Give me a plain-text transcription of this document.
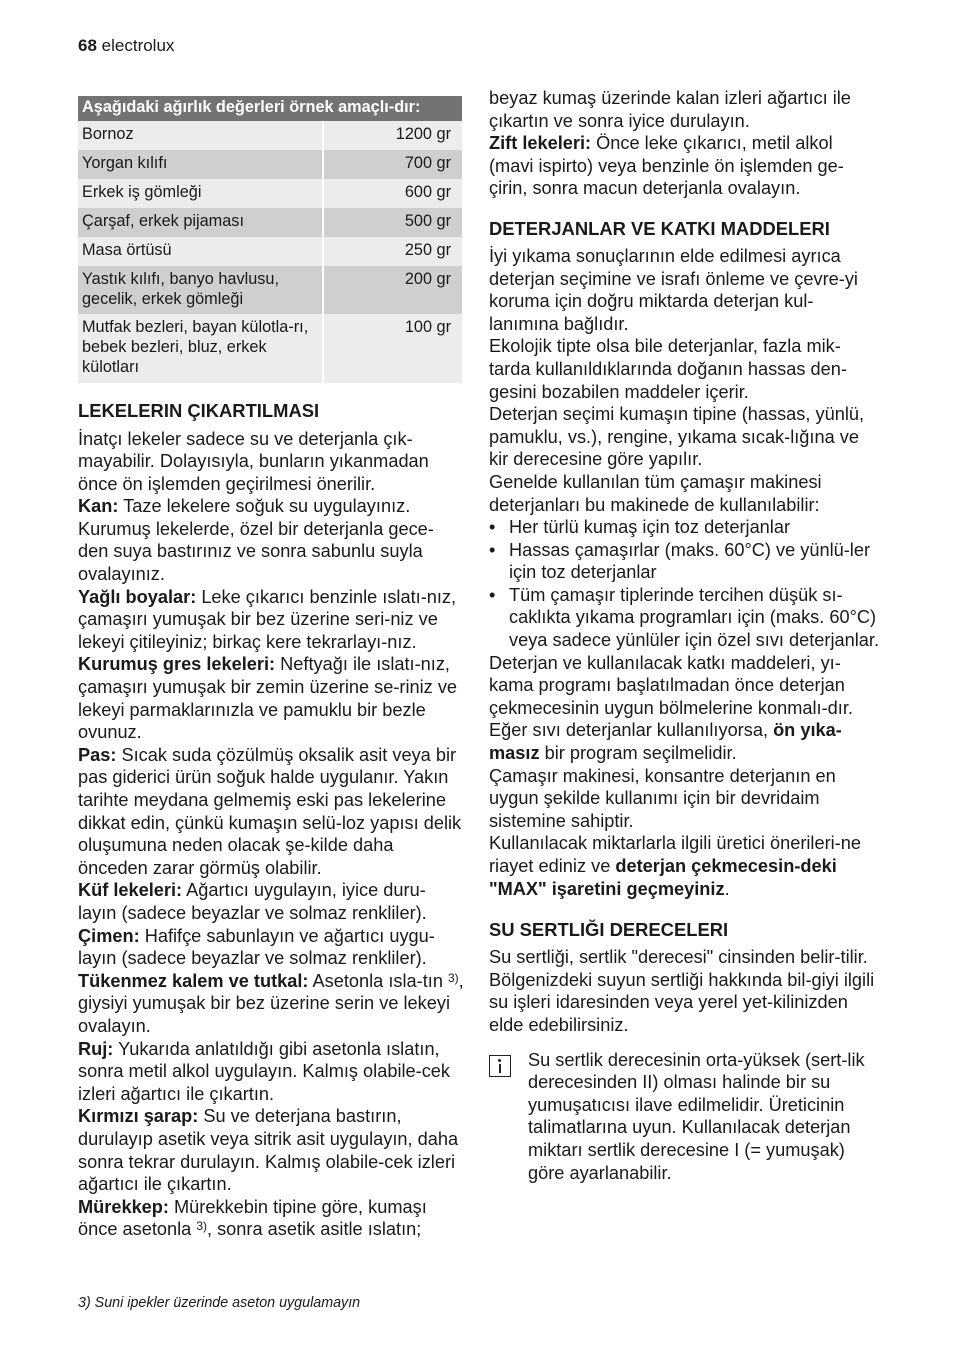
68 electrolux
Aşağıdaki ağırlık değerleri örnek amaçlı-dır:	
Bornoz	1200 gr
Yorgan kılıfı	700 gr
Erkek iş gömleği	600 gr
Çarşaf, erkek pijaması	500 gr
Masa örtüsü	250 gr
Yastık kılıfı, banyo havlusu, gecelik, erkek gömleği	200 gr
Mutfak bezleri, bayan külotla-rı, bebek bezleri, bluz, erkek külotları	100 gr
LEKELERIN ÇIKARTILMASI

İnatçı lekeler sadece su ve deterjanla çık-mayabilir. Dolayısıyla, bunların yıkanmadan önce ön işlemden geçirilmesi önerilir.

Kan: Taze lekelere soğuk su uygulayınız. Kurumuş lekelerde, özel bir deterjanla gece-den suya bastırınız ve sonra sabunlu suyla ovalayınız.

Yağlı boyalar: Leke çıkarıcı benzinle ıslatı-nız, çamaşırı yumuşak bir bez üzerine seri-niz ve lekeyi çitileyiniz; birkaç kere tekrarlayı-nız.

Kurumuş gres lekeleri: Neftyağı ile ıslatı-nız, çamaşırı yumuşak bir zemin üzerine se-riniz ve lekeyi parmaklarınızla ve pamuklu bir bezle ovunuz.

Pas: Sıcak suda çözülmüş oksalik asit veya bir pas giderici ürün soğuk halde uygulanır. Yakın tarihte meydana gelmemiş eski pas lekelerine dikkat edin, çünkü kumaşın selü-loz yapısı delik oluşumuna neden olacak şe-kilde daha önceden zarar görmüş olabilir.

Küf lekeleri: Ağartıcı uygulayın, iyice duru-layın (sadece beyazlar ve solmaz renkliler).

Çimen: Hafifçe sabunlayın ve ağartıcı uygu-layın (sadece beyazlar ve solmaz renkliler).

Tükenmez kalem ve tutkal: Asetonla ısla-tın $^{3)}$, giysiyi yumuşak bir bez üzerine serin ve lekeyi ovalayın.

Ruj: Yukarıda anlatıldığı gibi asetonla ıslatın, sonra metil alkol uygulayın. Kalmış olabile-cek izleri ağartıcı ile çıkartın.

Kırmızı şarap: Su ve deterjana bastırın, durulayıp asetik veya sitrik asit uygulayın, daha sonra tekrar durulayın. Kalmış olabile-cek izleri ağartıcı ile çıkartın.

Mürekkep: Mürekkebin tipine göre, kumaşı önce asetonla $^{3)}$, sonra asetik asitle ıslatın;

beyaz kumaş üzerinde kalan izleri ağartıcı ile çıkartın ve sonra iyice durulayın.

Zift lekeleri: Önce leke çıkarıcı, metil alkol (mavi ispirto) veya benzinle ön işlemden ge-çirin, sonra macun deterjanla ovalayın.

DETERJANLAR VE KATKI MADDELERI

İyi yıkama sonuçlarının elde edilmesi ayrıca deterjan seçimine ve israfı önleme ve çevre-yi koruma için doğru miktarda deterjan kul-lanımına bağlıdır.

Ekolojik tipte olsa bile deterjanlar, fazla mik-tarda kullanıldıklarında doğanın hassas den-gesini bozabilen maddeler içerir.

Deterjan seçimi kumaşın tipine (hassas, yünlü, pamuklu, vs.), rengine, yıkama sıcak-lığına ve kir derecesine göre yapılır.

Genelde kullanılan tüm çamaşır makinesi deterjanları bu makinede de kullanılabilir:

• Her türlü kumaş için toz deterjanlar
• Hassas çamaşırlar (maks. 60°C) ve yünlü-ler için toz deterjanlar
• Tüm çamaşır tiplerinde tercihen düşük sı-caklıkta yıkama programları için (maks. 60°C) veya sadece yünlüler için özel sıvı deterjanlar.

Deterjan ve kullanılacak katkı maddeleri, yı-kama programı başlatılmadan önce deterjan çekmecesinin uygun bölmelerine konmalı-dır.

Eğer sıvı deterjanlar kullanılıyorsa, ön yıka-masız bir program seçilmelidir.

Çamaşır makinesi, konsantre deterjanın en uygun şekilde kullanımı için bir devridaim sistemine sahiptir.

Kullanılacak miktarlarla ilgili üretici önerileri-ne riayet ediniz ve deterjan çekmecesin-deki "MAX" işaretini geçmeyiniz.

SU SERTLIĞI DERECELERI

Su sertliği, sertlik "derecesi" cinsinden belir-tilir. Bölgenizdeki suyun sertliği hakkında bil-giyi ilgili su işleri idaresinden veya yerel yet-kilinizden elde edebilirsiniz.

Su sertlik derecesinin orta-yüksek (sert-lik derecesinden II) olması halinde bir su yumuşatıcısı ilave edilmelidir. Üreticinin talimatlarına uyun. Kullanılacak deterjan miktarı sertlik derecesine I (= yumuşak) göre ayarlanabilir.

3) Suni ipekler üzerinde aseton uygulamayın
